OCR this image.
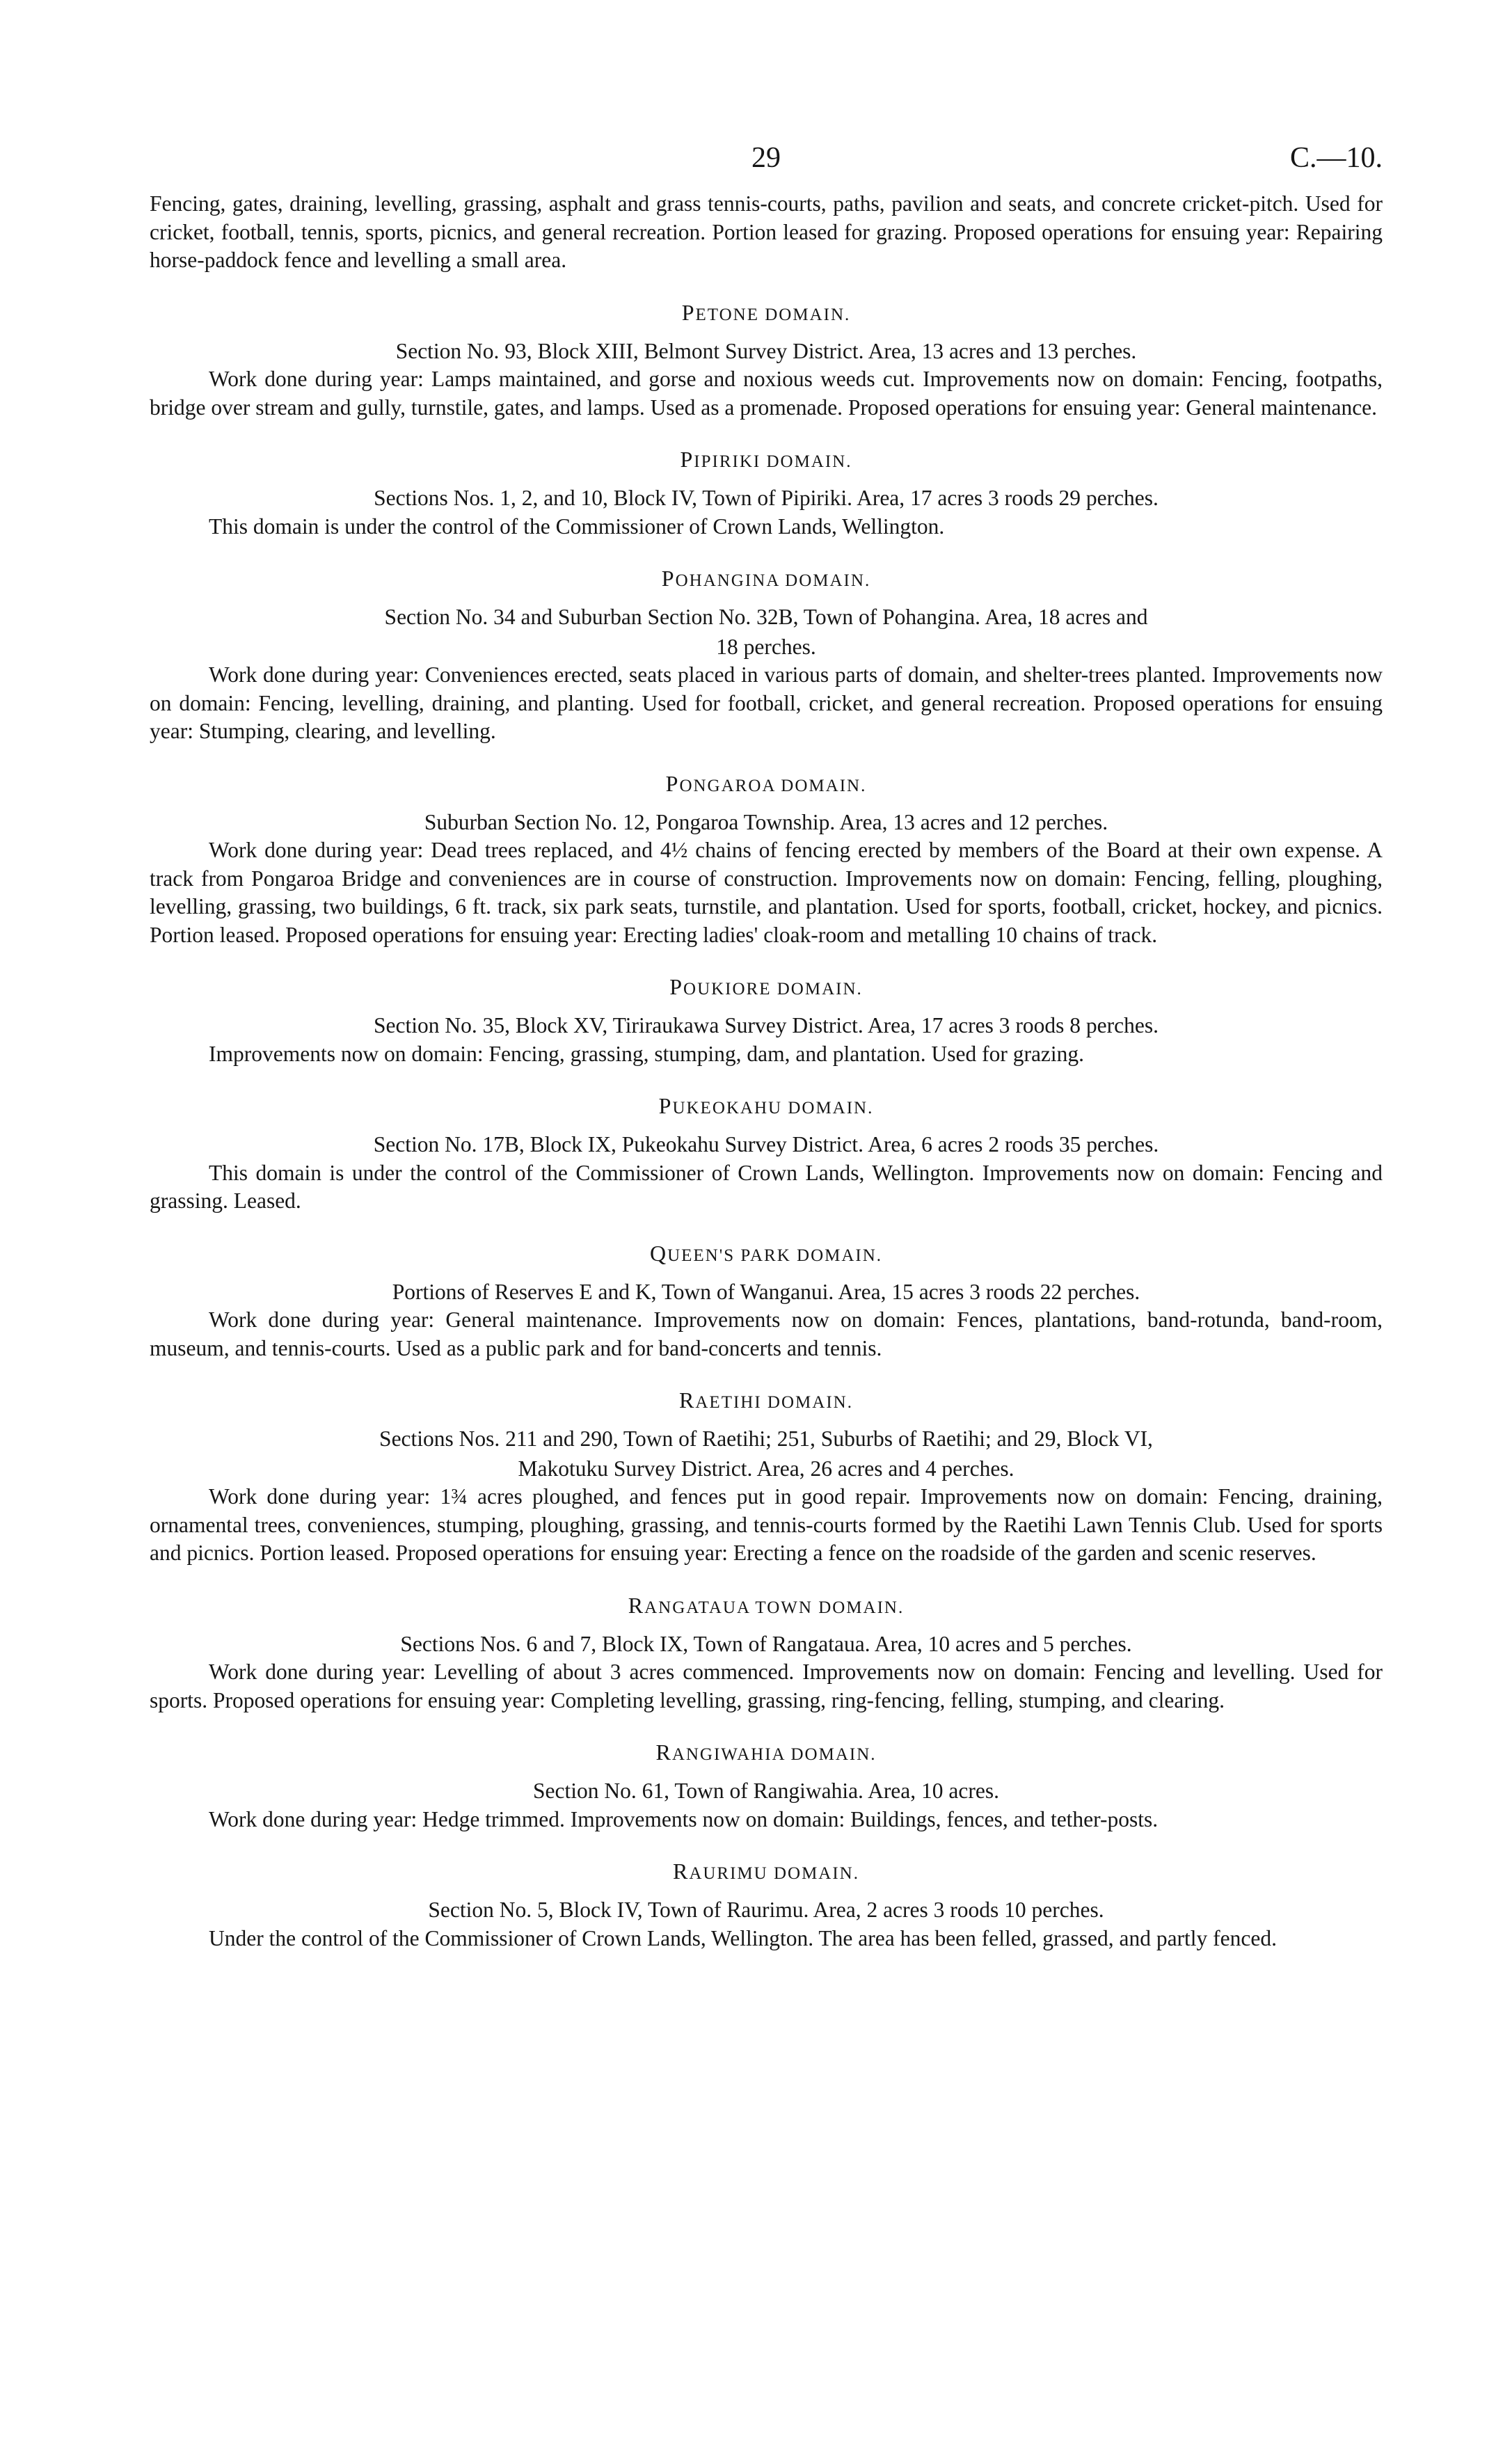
29	C.—10.

Fencing, gates, draining, levelling, grassing, asphalt and grass tennis-courts, paths, pavilion and seats, and concrete cricket-pitch. Used for cricket, football, tennis, sports, picnics, and general recreation. Portion leased for grazing. Proposed operations for ensuing year: Repairing horse-paddock fence and levelling a small area.

PETONE DOMAIN.

Section No. 93, Block XIII, Belmont Survey District. Area, 13 acres and 13 perches.

Work done during year: Lamps maintained, and gorse and noxious weeds cut. Improvements now on domain: Fencing, footpaths, bridge over stream and gully, turnstile, gates, and lamps. Used as a promenade. Proposed operations for ensuing year: General maintenance.

PIPIRIKI DOMAIN.

Sections Nos. 1, 2, and 10, Block IV, Town of Pipiriki. Area, 17 acres 3 roods 29 perches.

This domain is under the control of the Commissioner of Crown Lands, Wellington.

POHANGINA DOMAIN.

Section No. 34 and Suburban Section No. 32B, Town of Pohangina. Area, 18 acres and

18 perches.

Work done during year: Conveniences erected, seats placed in various parts of domain, and shelter-trees planted. Improvements now on domain: Fencing, levelling, draining, and planting. Used for football, cricket, and general recreation. Proposed operations for ensuing year: Stumping, clearing, and levelling.

PONGAROA DOMAIN.

Suburban Section No. 12, Pongaroa Township. Area, 13 acres and 12 perches.

Work done during year: Dead trees replaced, and 4½ chains of fencing erected by members of the Board at their own expense. A track from Pongaroa Bridge and conveniences are in course of construction. Improvements now on domain: Fencing, felling, ploughing, levelling, grassing, two buildings, 6 ft. track, six park seats, turnstile, and plantation. Used for sports, football, cricket, hockey, and picnics. Portion leased. Proposed operations for ensuing year: Erecting ladies' cloak-room and metalling 10 chains of track.

POUKIORE DOMAIN.

Section No. 35, Block XV, Tiriraukawa Survey District. Area, 17 acres 3 roods 8 perches.

Improvements now on domain: Fencing, grassing, stumping, dam, and plantation. Used for grazing.

PUKEOKAHU DOMAIN.

Section No. 17B, Block IX, Pukeokahu Survey District. Area, 6 acres 2 roods 35 perches.

This domain is under the control of the Commissioner of Crown Lands, Wellington. Improvements now on domain: Fencing and grassing. Leased.

QUEEN'S PARK DOMAIN.

Portions of Reserves E and K, Town of Wanganui. Area, 15 acres 3 roods 22 perches.

Work done during year: General maintenance. Improvements now on domain: Fences, plantations, band-rotunda, band-room, museum, and tennis-courts. Used as a public park and for band-concerts and tennis.

RAETIHI DOMAIN.

Sections Nos. 211 and 290, Town of Raetihi; 251, Suburbs of Raetihi; and 29, Block VI,

Makotuku Survey District. Area, 26 acres and 4 perches.

Work done during year: 1¾ acres ploughed, and fences put in good repair. Improvements now on domain: Fencing, draining, ornamental trees, conveniences, stumping, ploughing, grassing, and tennis-courts formed by the Raetihi Lawn Tennis Club. Used for sports and picnics. Portion leased. Proposed operations for ensuing year: Erecting a fence on the roadside of the garden and scenic reserves.

RANGATAUA TOWN DOMAIN.

Sections Nos. 6 and 7, Block IX, Town of Rangataua. Area, 10 acres and 5 perches.

Work done during year: Levelling of about 3 acres commenced. Improvements now on domain: Fencing and levelling. Used for sports. Proposed operations for ensuing year: Completing levelling, grassing, ring-fencing, felling, stumping, and clearing.

RANGIWAHIA DOMAIN.

Section No. 61, Town of Rangiwahia. Area, 10 acres.

Work done during year: Hedge trimmed. Improvements now on domain: Buildings, fences, and tether-posts.

RAURIMU DOMAIN.

Section No. 5, Block IV, Town of Raurimu. Area, 2 acres 3 roods 10 perches.

Under the control of the Commissioner of Crown Lands, Wellington. The area has been felled, grassed, and partly fenced.
